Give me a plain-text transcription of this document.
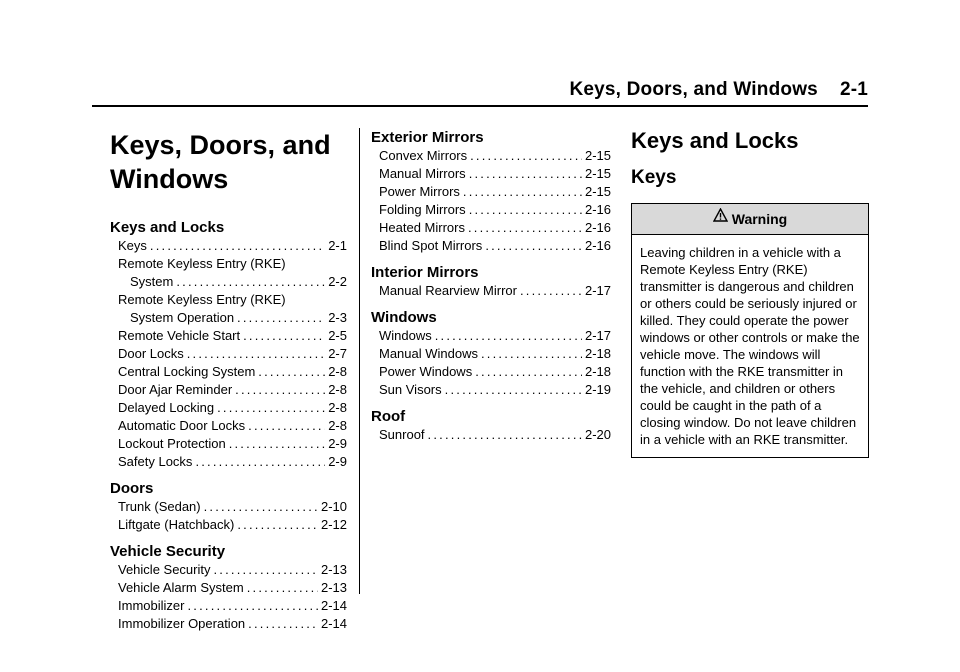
Keys, Doors, and Windows 2-1
Keys, Doors, and Windows
Keys and Locks
Keys .....	2-1
Remote Keyless Entry (RKE)
System .....	2-2
Remote Keyless Entry (RKE)
System Operation .....	2-3
Remote Vehicle Start .....	2-5
Door Locks .....	2-7
Central Locking System .....	2-8
Door Ajar Reminder .....	2-8
Delayed Locking .....	2-8
Automatic Door Locks .....	2-8
Lockout Protection .....	2-9
Safety Locks .....	2-9
Doors
Trunk (Sedan) .....	2-10
Liftgate (Hatchback) .....	2-12
Vehicle Security
Vehicle Security .....	2-13
Vehicle Alarm System .....	2-13
Immobilizer .....	2-14
Immobilizer Operation .....	2-14
Exterior Mirrors
Convex Mirrors .....	2-15
Manual Mirrors .....	2-15
Power Mirrors .....	2-15
Folding Mirrors .....	2-16
Heated Mirrors .....	2-16
Blind Spot Mirrors .....	2-16
Interior Mirrors
Manual Rearview Mirror .....	2-17
Windows
Windows .....	2-17
Manual Windows .....	2-18
Power Windows .....	2-18
Sun Visors .....	2-19
Roof
Sunroof .....	2-20
Keys and Locks
Keys
Warning
Leaving children in a vehicle with a Remote Keyless Entry (RKE) transmitter is dangerous and children or others could be seriously injured or killed. They could operate the power windows or other controls or make the vehicle move. The windows will function with the RKE transmitter in the vehicle, and children or others could be caught in the path of a closing window. Do not leave children in a vehicle with an RKE transmitter.
